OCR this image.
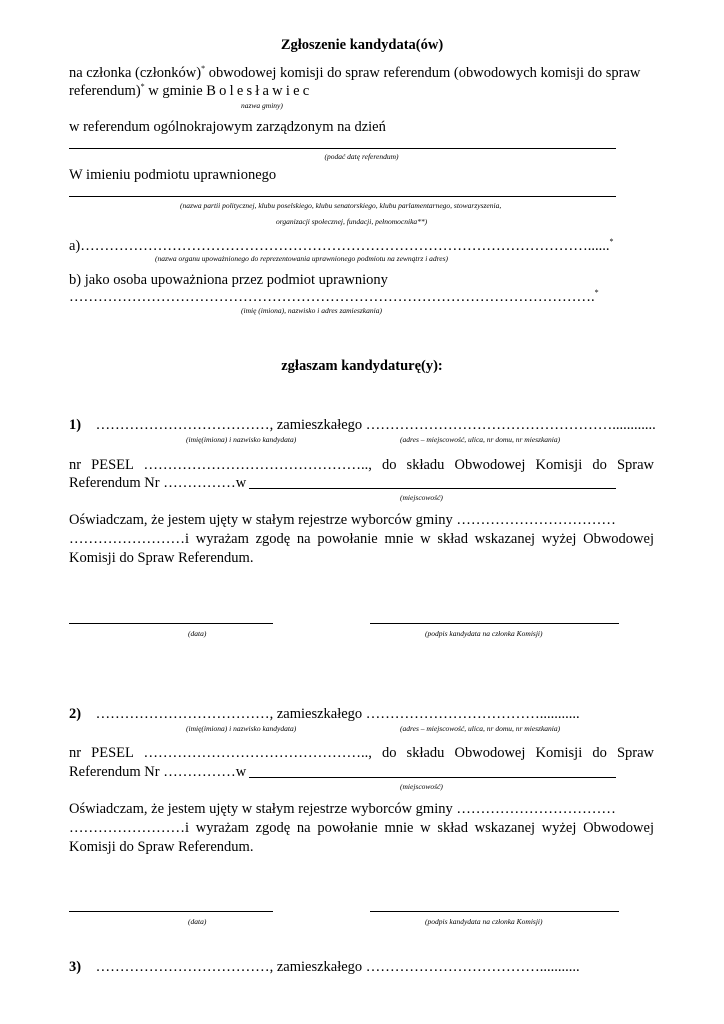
Zgłoszenie kandydata(ów)
na członka (członków)* obwodowej komisji do spraw referendum (obwodowych komisji do spraw
referendum)* w gminie Bolesławiec
nazwa gminy)
w referendum ogólnokrajowym zarządzonym na dzień
(podać datę referendum)
W imieniu podmiotu uprawnionego
(nazwa partii politycznej, klubu poselskiego, klubu senatorskiego, klubu parlamentarnego, stowarzyszenia,
organizacji społecznej, fundacji, pełnomocnika**)
a)……………………………………………………………………………………………......*
(nazwa organu upoważnionego do reprezentowania uprawnionego podmiotu na zewnątrz i adres)
b) jako osoba upoważniona przez podmiot uprawniony
……………………………………………………………………………………………….*
(imię (imiona), nazwisko i adres zamieszkania)
zgłaszam kandydaturę(y):
1) ………………………………, zamieszkałego ……………………………………………............
(imię(imiona) i nazwisko kandydata)	(adres – miejscowość, ulica, nr domu, nr mieszkania)
nr PESEL ……………………………………….., do składu Obwodowej Komisji do Spraw
Referendum Nr ……………w
(miejscowość)
Oświadczam, że jestem ujęty w stałym rejestrze wyborców gminy ……………………………
……………………i wyrażam zgodę na powołanie mnie w skład wskazanej wyżej Obwodowej
Komisji do Spraw Referendum.
(data)	(podpis kandydata na członka Komisji)
2) ………………………………, zamieszkałego ………………………………...........
(imię(imiona) i nazwisko kandydata)	(adres – miejscowość, ulica, nr domu, nr mieszkania)
nr PESEL ……………………………………….., do składu Obwodowej Komisji do Spraw
Referendum Nr ……………w
(miejscowość)
Oświadczam, że jestem ujęty w stałym rejestrze wyborców gminy ……………………………
……………………i wyrażam zgodę na powołanie mnie w skład wskazanej wyżej Obwodowej
Komisji do Spraw Referendum.
(data)	(podpis kandydata na członka Komisji)
3) ………………………………, zamieszkałego ………………………………...........
